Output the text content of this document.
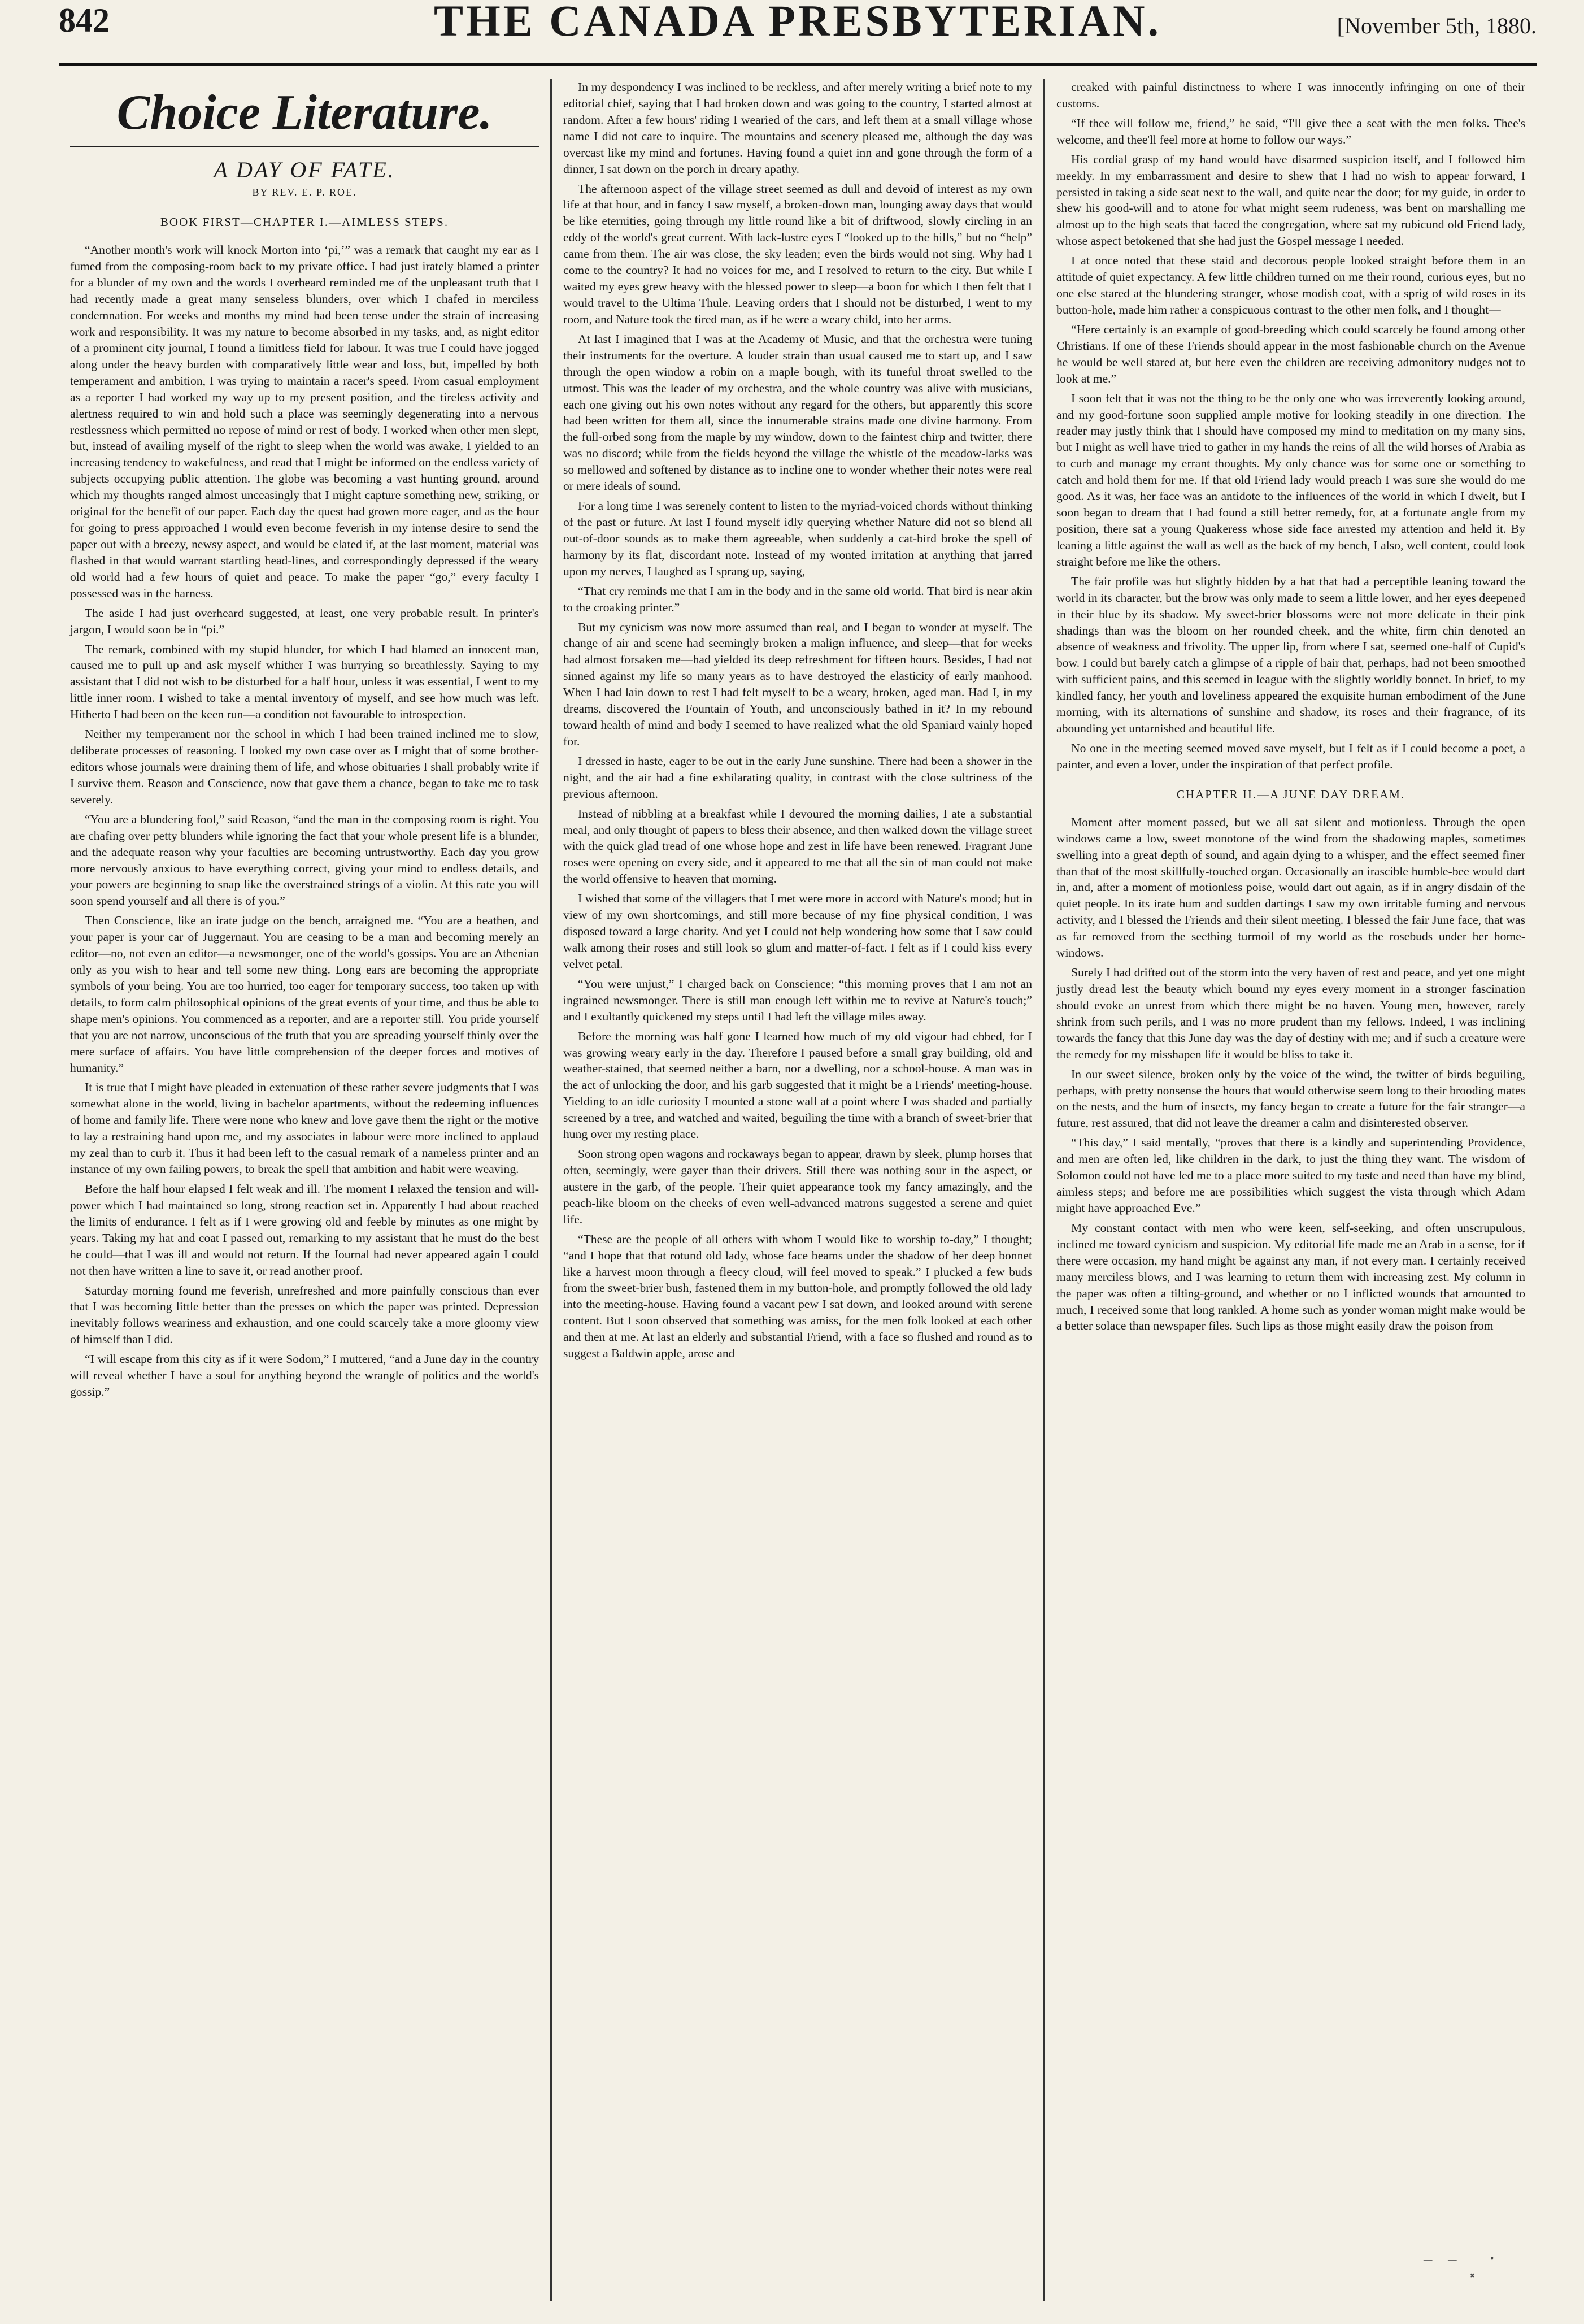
842	THE CANADA PRESBYTERIAN.	[November 5th, 1880.
Choice Literature.
A DAY OF FATE.
BY REV. E. P. ROE.
BOOK FIRST—CHAPTER I.—AIMLESS STEPS.

“Another month's work will knock Morton into ‘pi,’” was a remark that caught my ear as I fumed from the composing-room back to my private office. I had just irately blamed a printer for a blunder of my own and the words I overheard reminded me of the unpleasant truth that I had recently made a great many senseless blunders, over which I chafed in merciless condemnation. For weeks and months my mind had been tense under the strain of increasing work and responsibility. It was my nature to become absorbed in my tasks, and, as night editor of a prominent city journal, I found a limitless field for labour. It was true I could have jogged along under the heavy burden with comparatively little wear and loss, but, impelled by both temperament and ambition, I was trying to maintain a racer's speed. From casual employment as a reporter I had worked my way up to my present position, and the tireless activity and alertness required to win and hold such a place was seemingly degenerating into a nervous restlessness which permitted no repose of mind or rest of body. I worked when other men slept, but, instead of availing myself of the right to sleep when the world was awake, I yielded to an increasing tendency to wakefulness, and read that I might be informed on the endless variety of subjects occupying public attention. The globe was becoming a vast hunting ground, around which my thoughts ranged almost unceasingly that I might capture something new, striking, or original for the benefit of our paper. Each day the quest had grown more eager, and as the hour for going to press approached I would even become feverish in my intense desire to send the paper out with a breezy, newsy aspect, and would be elated if, at the last moment, material was flashed in that would warrant startling head-lines, and correspondingly depressed if the weary old world had a few hours of quiet and peace. To make the paper “go,” every faculty I possessed was in the harness.

The aside I had just overheard suggested, at least, one very probable result. In printer's jargon, I would soon be in “pi.”

The remark, combined with my stupid blunder, for which I had blamed an innocent man, caused me to pull up and ask myself whither I was hurrying so breathlessly. Saying to my assistant that I did not wish to be disturbed for a half hour, unless it was essential, I went to my little inner room. I wished to take a mental inventory of myself, and see how much was left. Hitherto I had been on the keen run—a condition not favourable to introspection.

Neither my temperament nor the school in which I had been trained inclined me to slow, deliberate processes of reasoning. I looked my own case over as I might that of some brother-editors whose journals were draining them of life, and whose obituaries I shall probably write if I survive them. Reason and Conscience, now that gave them a chance, began to take me to task severely.

“You are a blundering fool,” said Reason, “and the man in the composing room is right. You are chafing over petty blunders while ignoring the fact that your whole present life is a blunder, and the adequate reason why your faculties are becoming untrustworthy. Each day you grow more nervously anxious to have everything correct, giving your mind to endless details, and your powers are beginning to snap like the overstrained strings of a violin. At this rate you will soon spend yourself and all there is of you.”

Then Conscience, like an irate judge on the bench, arraigned me. “You are a heathen, and your paper is your car of Juggernaut. You are ceasing to be a man and becoming merely an editor—no, not even an editor—a newsmonger, one of the world's gossips. You are an Athenian only as you wish to hear and tell some new thing. Long ears are becoming the appropriate symbols of your being. You are too hurried, too eager for temporary success, too taken up with details, to form calm philosophical opinions of the great events of your time, and thus be able to shape men's opinions. You commenced as a reporter, and are a reporter still. You pride yourself that you are not narrow, unconscious of the truth that you are spreading yourself thinly over the mere surface of affairs. You have little comprehension of the deeper forces and motives of humanity.”

It is true that I might have pleaded in extenuation of these rather severe judgments that I was somewhat alone in the world, living in bachelor apartments, without the redeeming influences of home and family life. There were none who knew and love gave them the right or the motive to lay a restraining hand upon me, and my associates in labour were more inclined to applaud my zeal than to curb it. Thus it had been left to the casual remark of a nameless printer and an instance of my own failing powers, to break the spell that ambition and habit were weaving.

Before the half hour elapsed I felt weak and ill. The moment I relaxed the tension and will-power which I had maintained so long, strong reaction set in. Apparently I had about reached the limits of endurance. I felt as if I were growing old and feeble by minutes as one might by years. Taking my hat and coat I passed out, remarking to my assistant that he must do the best he could—that I was ill and would not return. If the Journal had never appeared again I could not then have written a line to save it, or read another proof.

Saturday morning found me feverish, unrefreshed and more painfully conscious than ever that I was becoming little better than the presses on which the paper was printed. Depression inevitably follows weariness and exhaustion, and one could scarcely take a more gloomy view of himself than I did.

“I will escape from this city as if it were Sodom,” I muttered, “and a June day in the country will reveal whether I have a soul for anything beyond the wrangle of politics and the world's gossip.”

In my despondency I was inclined to be reckless, and after merely writing a brief note to my editorial chief, saying that I had broken down and was going to the country, I started almost at random. After a few hours' riding I wearied of the cars, and left them at a small village whose name I did not care to inquire. The mountains and scenery pleased me, although the day was overcast like my mind and fortunes. Having found a quiet inn and gone through the form of a dinner, I sat down on the porch in dreary apathy.

The afternoon aspect of the village street seemed as dull and devoid of interest as my own life at that hour, and in fancy I saw myself, a broken-down man, lounging away days that would be like eternities, going through my little round like a bit of driftwood, slowly circling in an eddy of the world's great current. With lack-lustre eyes I “looked up to the hills,” but no “help” came from them. The air was close, the sky leaden; even the birds would not sing. Why had I come to the country? It had no voices for me, and I resolved to return to the city. But while I waited my eyes grew heavy with the blessed power to sleep—a boon for which I then felt that I would travel to the Ultima Thule. Leaving orders that I should not be disturbed, I went to my room, and Nature took the tired man, as if he were a weary child, into her arms.

At last I imagined that I was at the Academy of Music, and that the orchestra were tuning their instruments for the overture. A louder strain than usual caused me to start up, and I saw through the open window a robin on a maple bough, with its tuneful throat swelled to the utmost. This was the leader of my orchestra, and the whole country was alive with musicians, each one giving out his own notes without any regard for the others, but apparently this score had been written for them all, since the innumerable strains made one divine harmony. From the full-orbed song from the maple by my window, down to the faintest chirp and twitter, there was no discord; while from the fields beyond the village the whistle of the meadow-larks was so mellowed and softened by distance as to incline one to wonder whether their notes were real or mere ideals of sound.

For a long time I was serenely content to listen to the myriad-voiced chords without thinking of the past or future. At last I found myself idly querying whether Nature did not so blend all out-of-door sounds as to make them agreeable, when suddenly a cat-bird broke the spell of harmony by its flat, discordant note. Instead of my wonted irritation at anything that jarred upon my nerves, I laughed as I sprang up, saying,

“That cry reminds me that I am in the body and in the same old world. That bird is near akin to the croaking printer.”

But my cynicism was now more assumed than real, and I began to wonder at myself. The change of air and scene had seemingly broken a malign influence, and sleep—that for weeks had almost forsaken me—had yielded its deep refreshment for fifteen hours. Besides, I had not sinned against my life so many years as to have destroyed the elasticity of early manhood. When I had lain down to rest I had felt myself to be a weary, broken, aged man. Had I, in my dreams, discovered the Fountain of Youth, and unconsciously bathed in it? In my rebound toward health of mind and body I seemed to have realized what the old Spaniard vainly hoped for.

I dressed in haste, eager to be out in the early June sunshine. There had been a shower in the night, and the air had a fine exhilarating quality, in contrast with the close sultriness of the previous afternoon.

Instead of nibbling at a breakfast while I devoured the morning dailies, I ate a substantial meal, and only thought of papers to bless their absence, and then walked down the village street with the quick glad tread of one whose hope and zest in life have been renewed. Fragrant June roses were opening on every side, and it appeared to me that all the sin of man could not make the world offensive to heaven that morning.

I wished that some of the villagers that I met were more in accord with Nature's mood; but in view of my own shortcomings, and still more because of my fine physical condition, I was disposed toward a large charity. And yet I could not help wondering how some that I saw could walk among their roses and still look so glum and matter-of-fact. I felt as if I could kiss every velvet petal.

“You were unjust,” I charged back on Conscience; “this morning proves that I am not an ingrained newsmonger. There is still man enough left within me to revive at Nature's touch;” and I exultantly quickened my steps until I had left the village miles away.

Before the morning was half gone I learned how much of my old vigour had ebbed, for I was growing weary early in the day. Therefore I paused before a small gray building, old and weather-stained, that seemed neither a barn, nor a dwelling, nor a school-house. A man was in the act of unlocking the door, and his garb suggested that it might be a Friends' meeting-house. Yielding to an idle curiosity I mounted a stone wall at a point where I was shaded and partially screened by a tree, and watched and waited, beguiling the time with a branch of sweet-brier that hung over my resting place.

Soon strong open wagons and rockaways began to appear, drawn by sleek, plump horses that often, seemingly, were gayer than their drivers. Still there was nothing sour in the aspect, or austere in the garb, of the people. Their quiet appearance took my fancy amazingly, and the peach-like bloom on the cheeks of even well-advanced matrons suggested a serene and quiet life.

“These are the people of all others with whom I would like to worship to-day,” I thought; “and I hope that that rotund old lady, whose face beams under the shadow of her deep bonnet like a harvest moon through a fleecy cloud, will feel moved to speak.” I plucked a few buds from the sweet-brier bush, fastened them in my button-hole, and promptly followed the old lady into the meeting-house. Having found a vacant pew I sat down, and looked around with serene content. But I soon observed that something was amiss, for the men folk looked at each other and then at me. At last an elderly and substantial Friend, with a face so flushed and round as to suggest a Baldwin apple, arose and

creaked with painful distinctness to where I was innocently infringing on one of their customs.

“If thee will follow me, friend,” he said, “I'll give thee a seat with the men folks. Thee's welcome, and thee'll feel more at home to follow our ways.”

His cordial grasp of my hand would have disarmed suspicion itself, and I followed him meekly. In my embarrassment and desire to shew that I had no wish to appear forward, I persisted in taking a side seat next to the wall, and quite near the door; for my guide, in order to shew his good-will and to atone for what might seem rudeness, was bent on marshalling me almost up to the high seats that faced the congregation, where sat my rubicund old Friend lady, whose aspect betokened that she had just the Gospel message I needed.

I at once noted that these staid and decorous people looked straight before them in an attitude of quiet expectancy. A few little children turned on me their round, curious eyes, but no one else stared at the blundering stranger, whose modish coat, with a sprig of wild roses in its button-hole, made him rather a conspicuous contrast to the other men folk, and I thought—

“Here certainly is an example of good-breeding which could scarcely be found among other Christians. If one of these Friends should appear in the most fashionable church on the Avenue he would be well stared at, but here even the children are receiving admonitory nudges not to look at me.”

I soon felt that it was not the thing to be the only one who was irreverently looking around, and my good-fortune soon supplied ample motive for looking steadily in one direction. The reader may justly think that I should have composed my mind to meditation on my many sins, but I might as well have tried to gather in my hands the reins of all the wild horses of Arabia as to curb and manage my errant thoughts. My only chance was for some one or something to catch and hold them for me. If that old Friend lady would preach I was sure she would do me good. As it was, her face was an antidote to the influences of the world in which I dwelt, but I soon began to dream that I had found a still better remedy, for, at a fortunate angle from my position, there sat a young Quakeress whose side face arrested my attention and held it. By leaning a little against the wall as well as the back of my bench, I also, well content, could look straight before me like the others.

The fair profile was but slightly hidden by a hat that had a perceptible leaning toward the world in its character, but the brow was only made to seem a little lower, and her eyes deepened in their blue by its shadow. My sweet-brier blossoms were not more delicate in their pink shadings than was the bloom on her rounded cheek, and the white, firm chin denoted an absence of weakness and frivolity. The upper lip, from where I sat, seemed one-half of Cupid's bow. I could but barely catch a glimpse of a ripple of hair that, perhaps, had not been smoothed with sufficient pains, and this seemed in league with the slightly worldly bonnet. In brief, to my kindled fancy, her youth and loveliness appeared the exquisite human embodiment of the June morning, with its alternations of sunshine and shadow, its roses and their fragrance, of its abounding yet untarnished and beautiful life.

No one in the meeting seemed moved save myself, but I felt as if I could become a poet, a painter, and even a lover, under the inspiration of that perfect profile.

CHAPTER II.—A JUNE DAY DREAM.

Moment after moment passed, but we all sat silent and motionless. Through the open windows came a low, sweet monotone of the wind from the shadowing maples, sometimes swelling into a great depth of sound, and again dying to a whisper, and the effect seemed finer than that of the most skillfully-touched organ. Occasionally an irascible humble-bee would dart in, and, after a moment of motionless poise, would dart out again, as if in angry disdain of the quiet people. In its irate hum and sudden dartings I saw my own irritable fuming and nervous activity, and I blessed the Friends and their silent meeting. I blessed the fair June face, that was as far removed from the seething turmoil of my world as the rosebuds under her home-windows.

Surely I had drifted out of the storm into the very haven of rest and peace, and yet one might justly dread lest the beauty which bound my eyes every moment in a stronger fascination should evoke an unrest from which there might be no haven. Young men, however, rarely shrink from such perils, and I was no more prudent than my fellows. Indeed, I was inclining towards the fancy that this June day was the day of destiny with me; and if such a creature were the remedy for my misshapen life it would be bliss to take it.

In our sweet silence, broken only by the voice of the wind, the twitter of birds beguiling, perhaps, with pretty nonsense the hours that would otherwise seem long to their brooding mates on the nests, and the hum of insects, my fancy began to create a future for the fair stranger—a future, rest assured, that did not leave the dreamer a calm and disinterested observer.

“This day,” I said mentally, “proves that there is a kindly and superintending Providence, and men are often led, like children in the dark, to just the thing they want. The wisdom of Solomon could not have led me to a place more suited to my taste and need than have my blind, aimless steps; and before me are possibilities which suggest the vista through which Adam might have approached Eve.”

My constant contact with men who were keen, self-seeking, and often unscrupulous, inclined me toward cynicism and suspicion. My editorial life made me an Arab in a sense, for if there were occasion, my hand might be against any man, if not every man. I certainly received many merciless blows, and I was learning to return them with increasing zest. My column in the paper was often a tilting-ground, and whether or no I inflicted wounds that amounted to much, I received some that long rankled. A home such as yonder woman might make would be a better solace than newspaper files. Such lips as those might easily draw the poison from

⁻ ⁻ ⸼ ˙
